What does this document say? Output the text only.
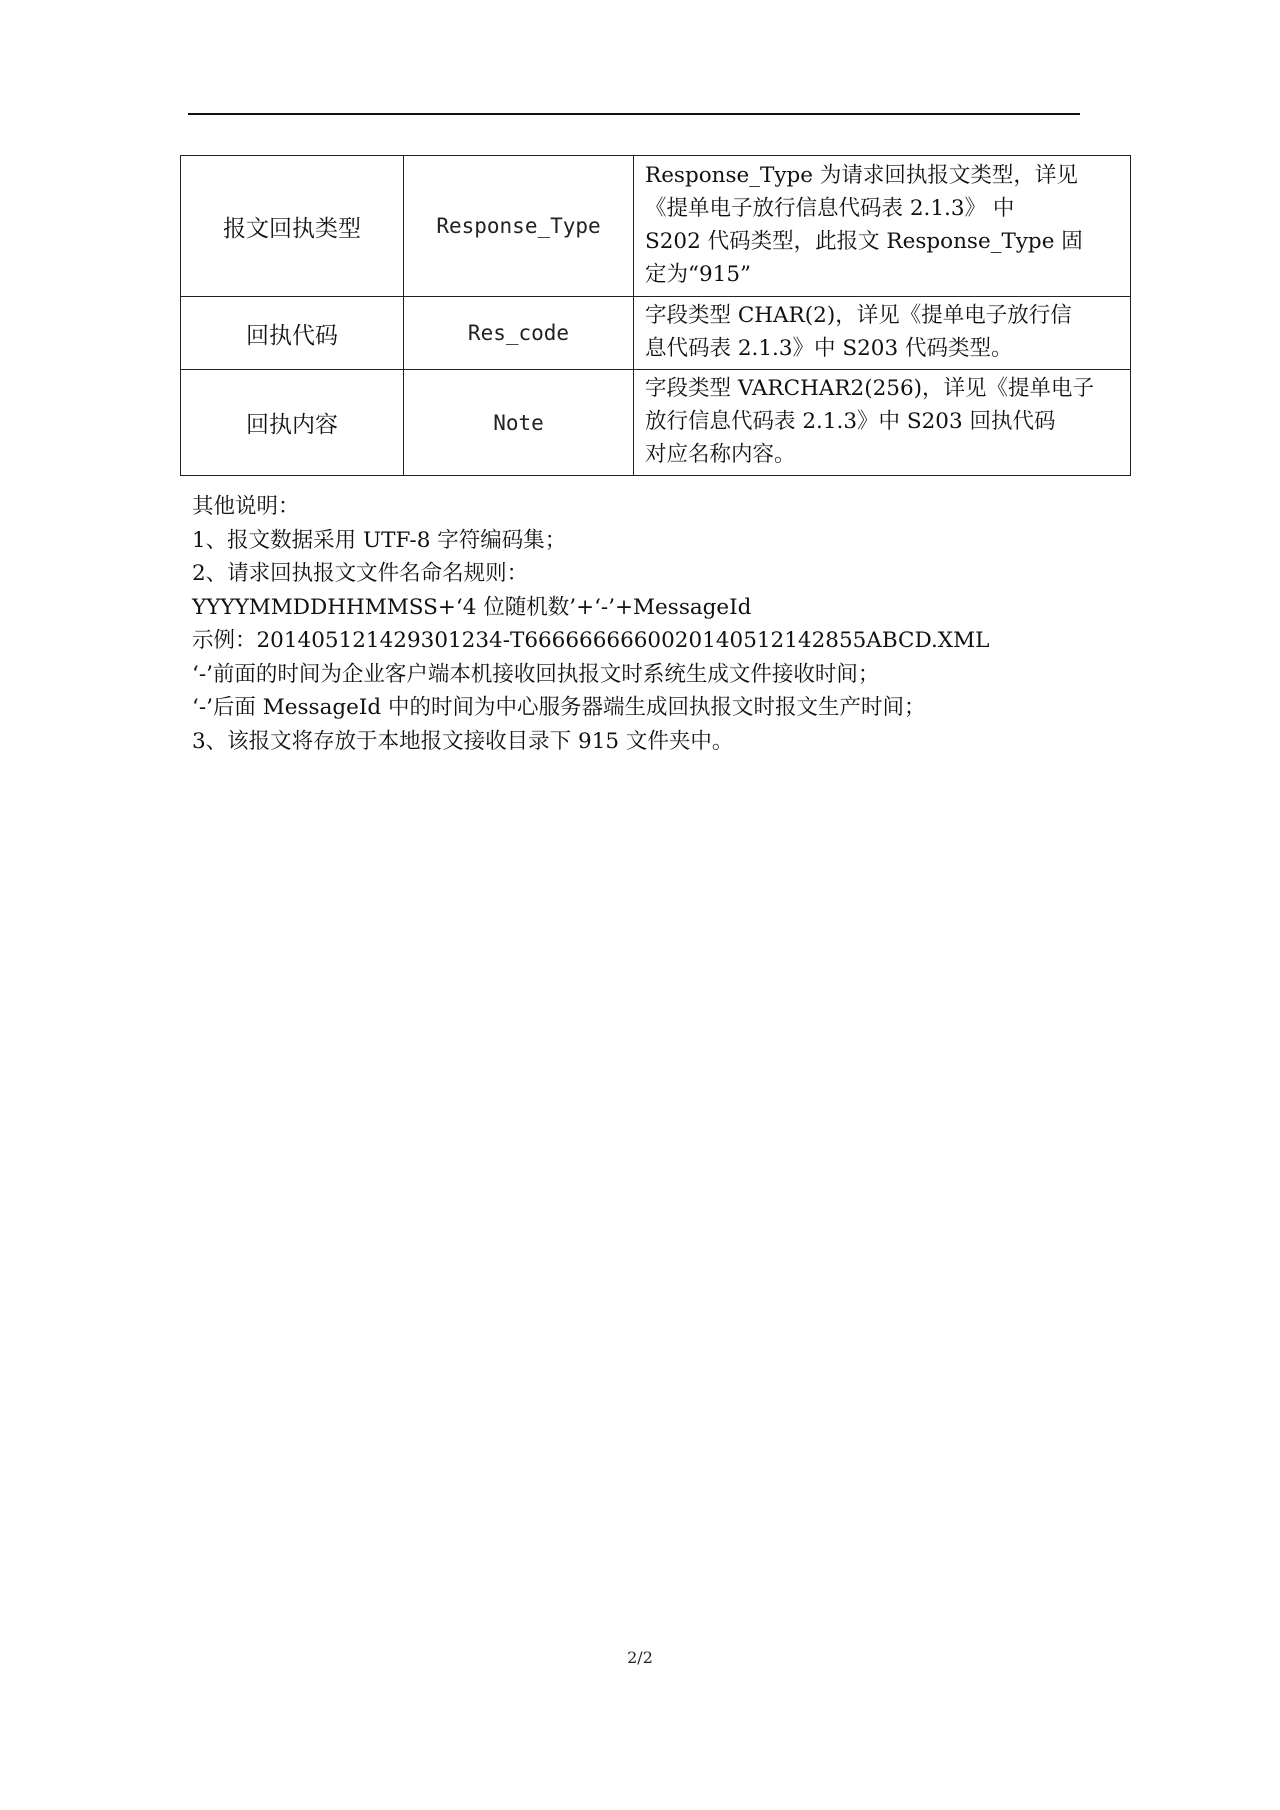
报文回执类型	Response_Type	Response_Type 为请求回执报文类型，详见
《提单电子放行信息代码表 2.1.3》 中
S202 代码类型，此报文 Response_Type 固
定为“915”

回执代码	Res_code	字段类型 CHAR(2)，详见《提单电子放行信
息代码表 2.1.3》中 S203 代码类型。

回执内容	Note	字段类型 VARCHAR2(256)，详见《提单电子
放行信息代码表 2.1.3》中 S203 回执代码
对应名称内容。
其他说明：
1、报文数据采用 UTF-8 字符编码集；
2、请求回执报文文件名命名规则：
YYYYMMDDHHMMSS+‘4 位随机数’+‘-’+MessageId
示例：201405121429301234-T666666666002014051214285​5ABCD.XML
‘-’前面的时间为企业客户端本机接收回执报文时系统生成文件接收时间；
‘-’后面 MessageId 中的时间为中心服务器端生成回执报文时报文生产时间；
3、该报文将存放于本地报文接收目录下 915 文件夹中。
2/2
